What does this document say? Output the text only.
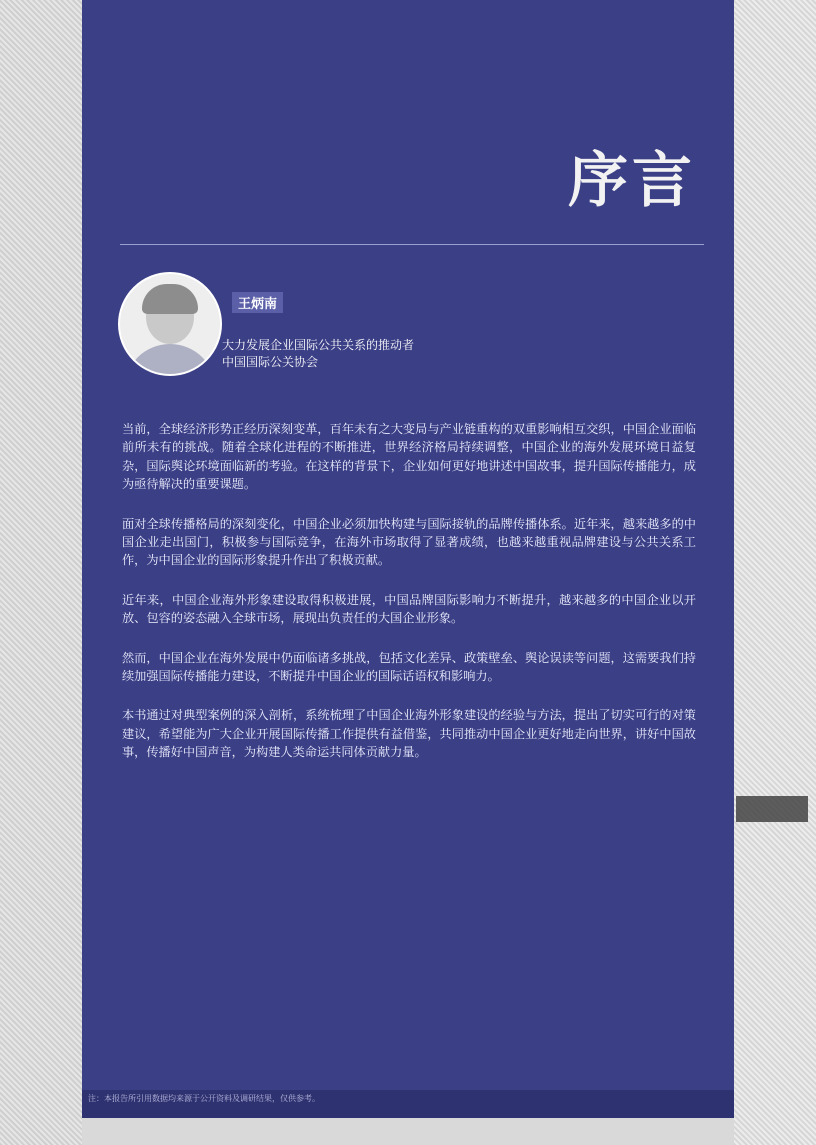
序言
王炳南
大力发展企业国际公共关系的推动者
中国国际公关协会

当前，全球经济形势正经历深刻变革，百年未有之大变局与产业链重构的双重影响相互交织，中国企业面临前所未有的挑战。随着全球化进程的不断推进，世界经济格局持续调整，中国企业的海外发展环境日益复杂，国际舆论环境面临新的考验。在这样的背景下，企业如何更好地讲述中国故事，提升国际传播能力，成为亟待解决的重要课题。

面对全球传播格局的深刻变化，中国企业必须加快构建与国际接轨的品牌传播体系。近年来，越来越多的中国企业走出国门，积极参与国际竞争，在海外市场取得了显著成绩，也越来越重视品牌建设与公共关系工作，为中国企业的国际形象提升作出了积极贡献。

近年来，中国企业海外形象建设取得积极进展，中国品牌国际影响力不断提升，越来越多的中国企业以开放、包容的姿态融入全球市场，展现出负责任的大国企业形象。

然而，中国企业在海外发展中仍面临诸多挑战，包括文化差异、政策壁垒、舆论误读等问题，这需要我们持续加强国际传播能力建设，不断提升中国企业的国际话语权和影响力。

本书通过对典型案例的深入剖析，系统梳理了中国企业海外形象建设的经验与方法，提出了切实可行的对策建议，希望能为广大企业开展国际传播工作提供有益借鉴，共同推动中国企业更好地走向世界，讲好中国故事，传播好中国声音，为构建人类命运共同体贡献力量。

注：本报告所引用数据均来源于公开资料及调研结果，仅供参考。
